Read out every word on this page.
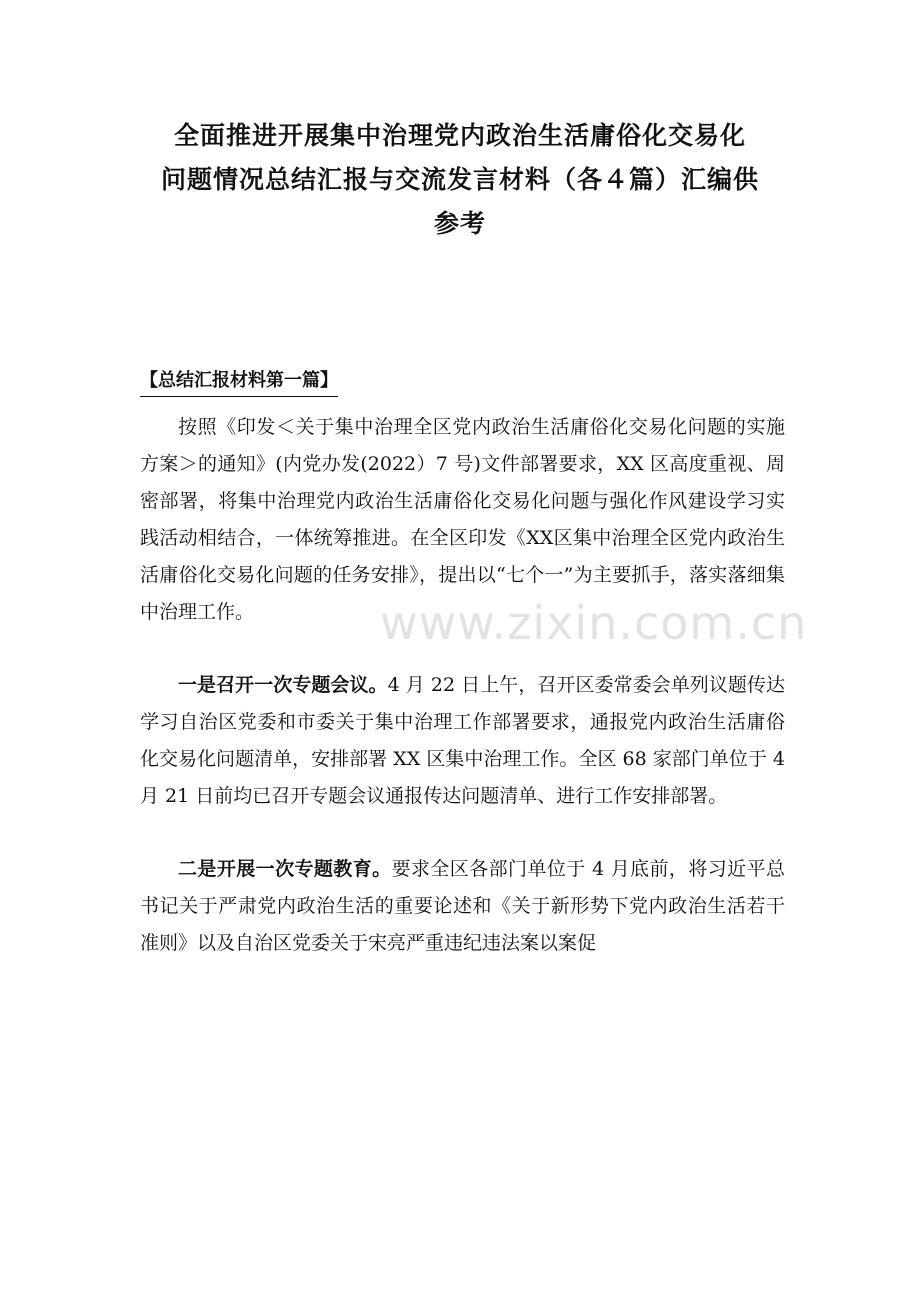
全面推进开展集中治理党内政治生活庸俗化交易化
问题情况总结汇报与交流发言材料（各４篇）汇编供
参考
【总结汇报材料第一篇】

按照《印发＜关于集中治理全区党内政治生活庸俗化交易化问题的实施方案＞的通知》(内党办发(2022）7 号)文件部署要求，XX 区高度重视、周密部署，将集中治理党内政治生活庸俗化交易化问题与强化作风建设学习实践活动相结合，一体统筹推进。在全区印发《XX区集中治理全区党内政治生活庸俗化交易化问题的任务安排》，提出以“七个一”为主要抓手，落实落细集中治理工作。

一是召开一次专题会议。4 月 22 日上午，召开区委常委会单列议题传达学习自治区党委和市委关于集中治理工作部署要求，通报党内政治生活庸俗化交易化问题清单，安排部署 XX 区集中治理工作。全区 68 家部门单位于 4 月 21 日前均已召开专题会议通报传达问题清单、进行工作安排部署。

二是开展一次专题教育。要求全区各部门单位于 4 月底前，将习近平总书记关于严肃党内政治生活的重要论述和《关于新形势下党内政治生活若干准则》以及自治区党委关于宋亮严重违纪违法案以案促

www.zixin.com.cn
